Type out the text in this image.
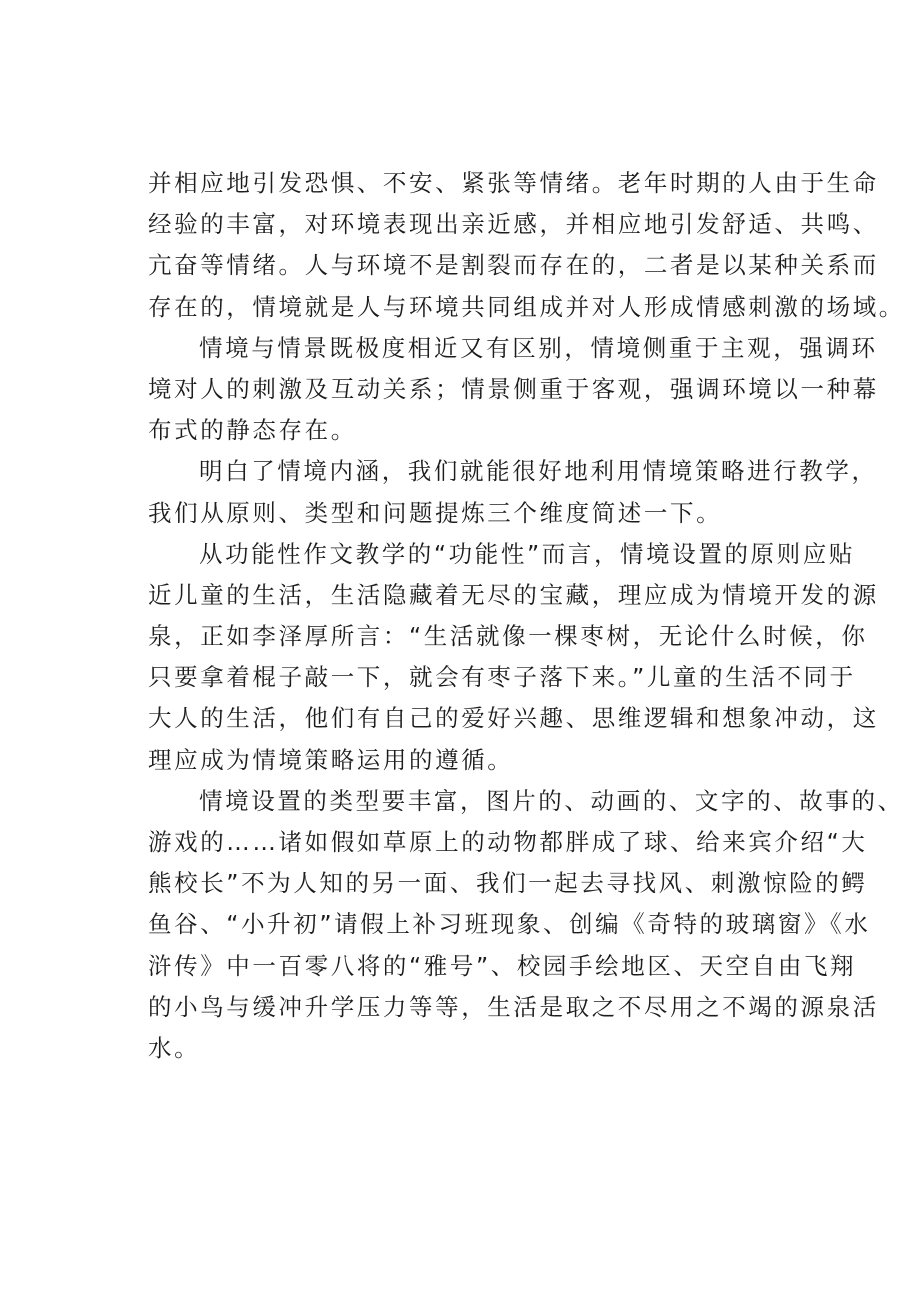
并相应地引发恐惧、不安、紧张等情绪。老年时期的人由于生命
经验的丰富，对环境表现出亲近感，并相应地引发舒适、共鸣、
亢奋等情绪。人与环境不是割裂而存在的，二者是以某种关系而
存在的，情境就是人与环境共同组成并对人形成情感刺激的场域。
情境与情景既极度相近又有区别，情境侧重于主观，强调环
境对人的刺激及互动关系；情景侧重于客观，强调环境以一种幕
布式的静态存在。
明白了情境内涵，我们就能很好地利用情境策略进行教学，
我们从原则、类型和问题提炼三个维度简述一下。
从功能性作文教学的“功能性”而言，情境设置的原则应贴
近儿童的生活，生活隐藏着无尽的宝藏，理应成为情境开发的源
泉，正如李泽厚所言：“生活就像一棵枣树，无论什么时候，你
只要拿着棍子敲一下，就会有枣子落下来。”儿童的生活不同于
大人的生活，他们有自己的爱好兴趣、思维逻辑和想象冲动，这
理应成为情境策略运用的遵循。
情境设置的类型要丰富，图片的、动画的、文字的、故事的、
游戏的……诸如假如草原上的动物都胖成了球、给来宾介绍“大
熊校长”不为人知的另一面、我们一起去寻找风、刺激惊险的鳄
鱼谷、“小升初”请假上补习班现象、创编《奇特的玻璃窗》《水
浒传》中一百零八将的“雅号”、校园手绘地区、天空自由飞翔
的小鸟与缓冲升学压力等等，生活是取之不尽用之不竭的源泉活
水。
